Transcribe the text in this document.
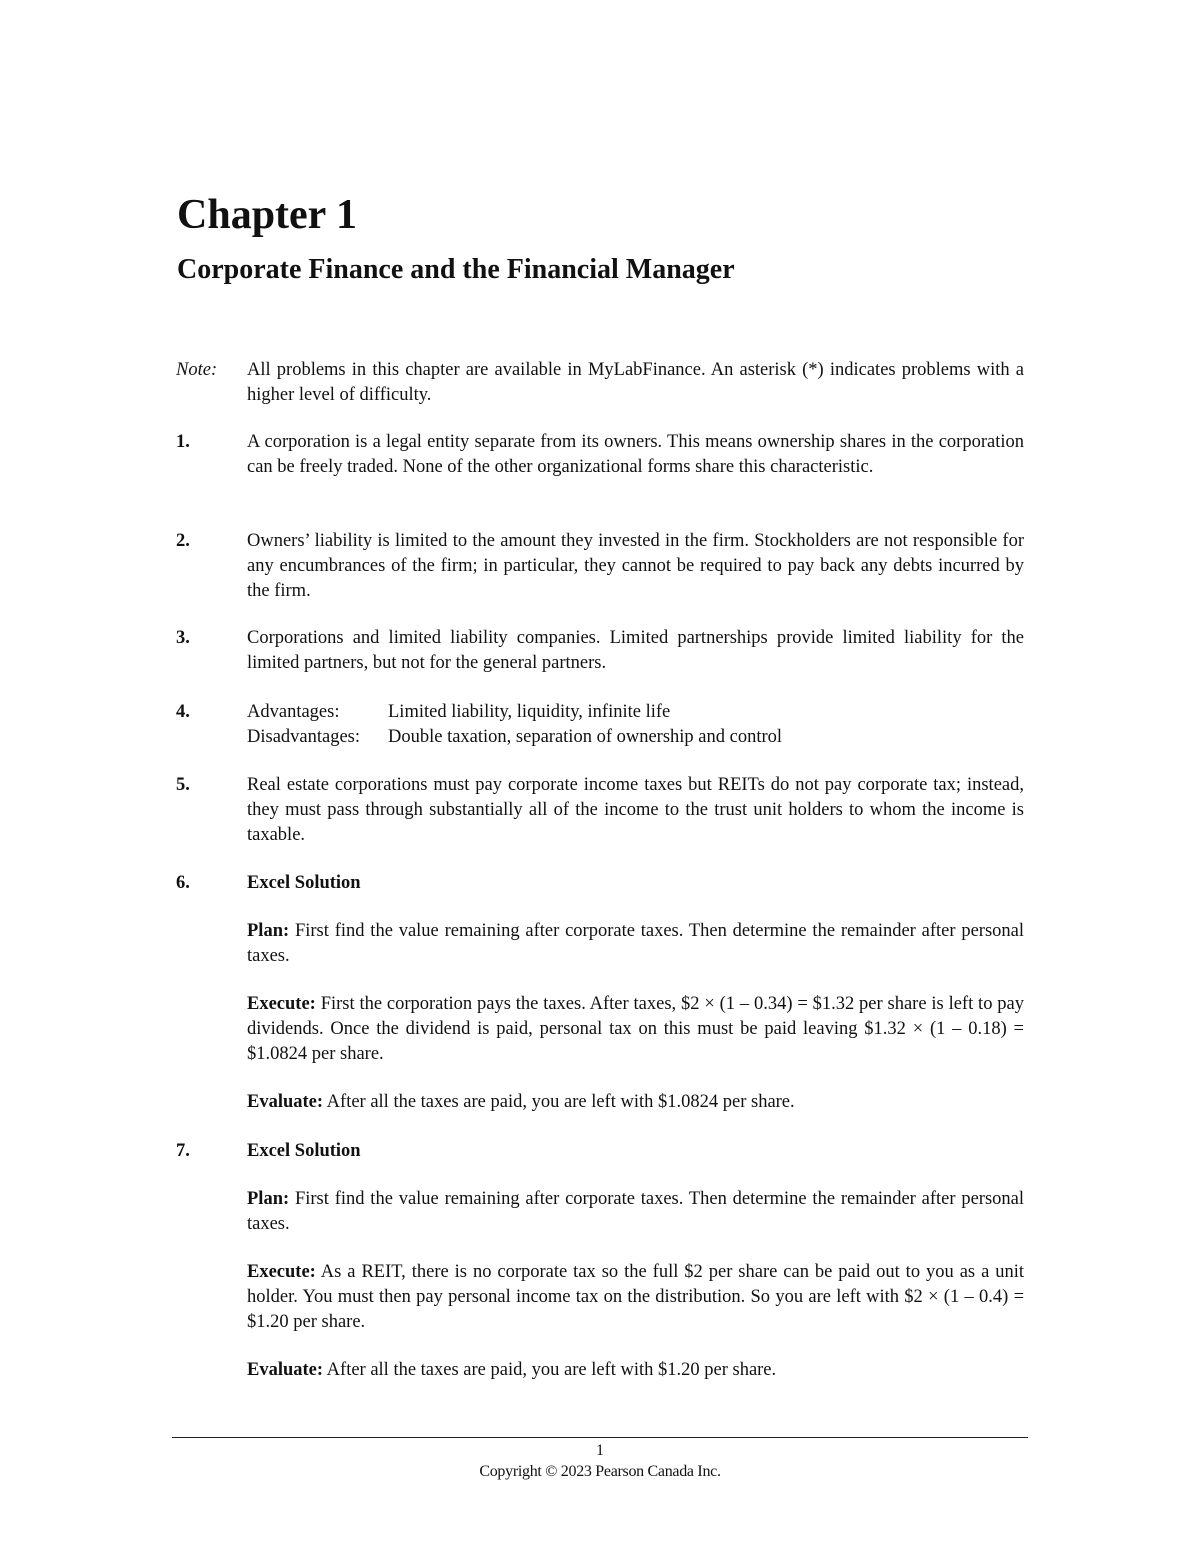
Chapter 1
Corporate Finance and the Financial Manager
Note:	All problems in this chapter are available in MyLabFinance. An asterisk (*) indicates problems with a higher level of difficulty.

1.	A corporation is a legal entity separate from its owners. This means ownership shares in the corporation can be freely traded. None of the other organizational forms share this characteristic.

2.	Owners’ liability is limited to the amount they invested in the firm. Stockholders are not responsible for any encumbrances of the firm; in particular, they cannot be required to pay back any debts incurred by the firm.

3.	Corporations and limited liability companies. Limited partnerships provide limited liability for the limited partners, but not for the general partners.

4.	Advantages:	Limited liability, liquidity, infinite life
Disadvantages:	Double taxation, separation of ownership and control
5.	Real estate corporations must pay corporate income taxes but REITs do not pay corporate tax; instead, they must pass through substantially all of the income to the trust unit holders to whom the income is taxable.

6.	Excel Solution

Plan: First find the value remaining after corporate taxes. Then determine the remainder after personal taxes.

Execute: First the corporation pays the taxes. After taxes, $2 × (1 – 0.34) = $1.32 per share is left to pay dividends. Once the dividend is paid, personal tax on this must be paid leaving $1.32 × (1 – 0.18) = $1.0824 per share.

Evaluate: After all the taxes are paid, you are left with $1.0824 per share.

7.	Excel Solution

Plan: First find the value remaining after corporate taxes. Then determine the remainder after personal taxes.

Execute: As a REIT, there is no corporate tax so the full $2 per share can be paid out to you as a unit holder. You must then pay personal income tax on the distribution. So you are left with $2 × (1 – 0.4) = $1.20 per share.

Evaluate: After all the taxes are paid, you are left with $1.20 per share.

1
Copyright © 2023 Pearson Canada Inc.
